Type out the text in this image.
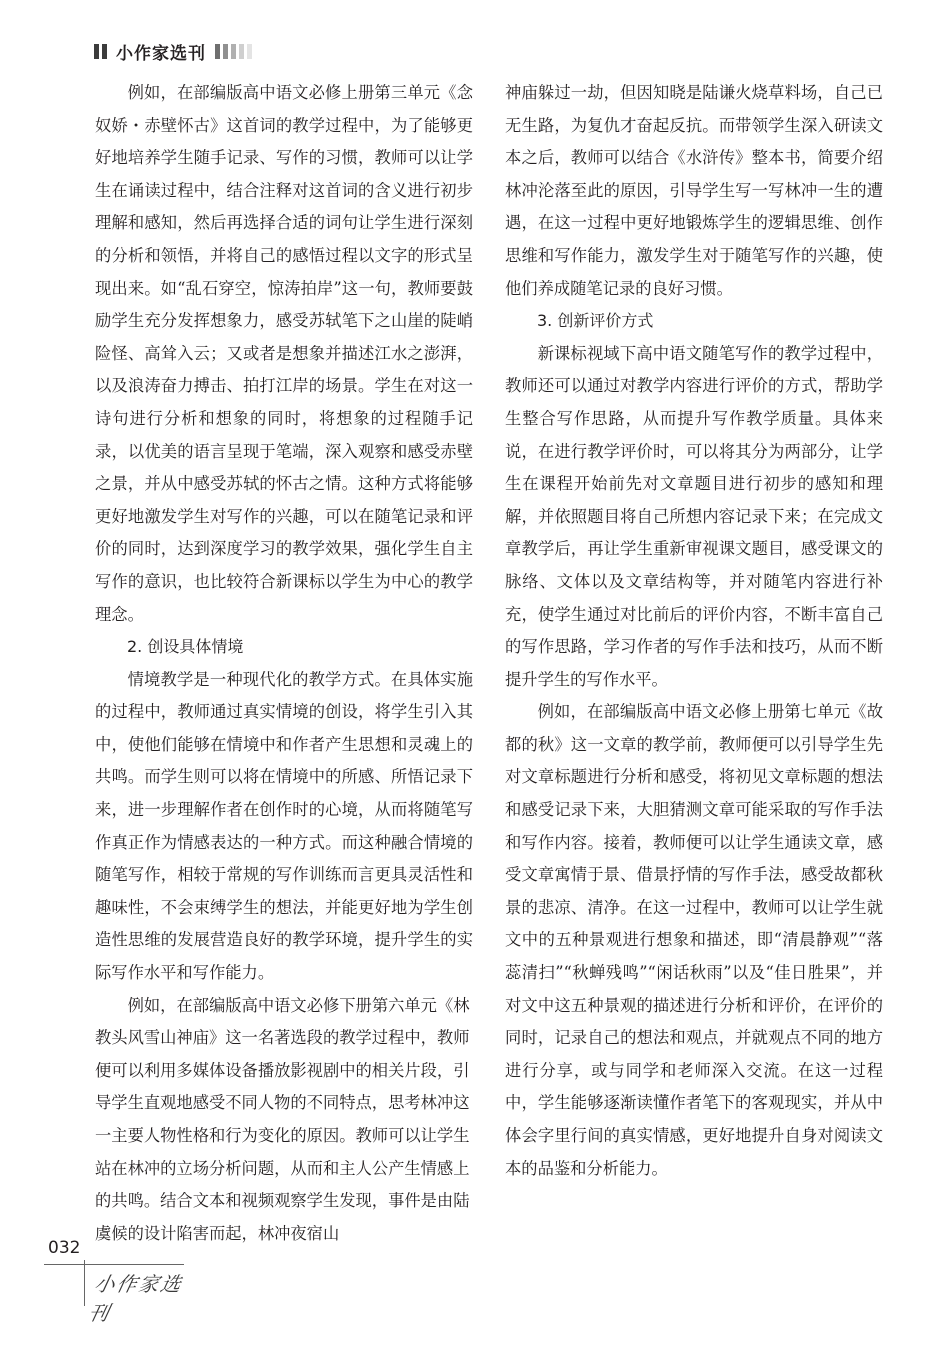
小作家选刊

例如，在部编版高中语文必修上册第三单元《念奴娇・赤壁怀古》这首词的教学过程中，为了能够更好地培养学生随手记录、写作的习惯，教师可以让学生在诵读过程中，结合注释对这首词的含义进行初步理解和感知，然后再选择合适的词句让学生进行深刻的分析和领悟，并将自己的感悟过程以文字的形式呈现出来。如“乱石穿空，惊涛拍岸”这一句，教师要鼓励学生充分发挥想象力，感受苏轼笔下之山崖的陡峭险怪、高耸入云；又或者是想象并描述江水之澎湃，以及浪涛奋力搏击、拍打江岸的场景。学生在对这一诗句进行分析和想象的同时，将想象的过程随手记录，以优美的语言呈现于笔端，深入观察和感受赤壁之景，并从中感受苏轼的怀古之情。这种方式将能够更好地激发学生对写作的兴趣，可以在随笔记录和评价的同时，达到深度学习的教学效果，强化学生自主写作的意识，也比较符合新课标以学生为中心的教学理念。

2. 创设具体情境

情境教学是一种现代化的教学方式。在具体实施的过程中，教师通过真实情境的创设，将学生引入其中，使他们能够在情境中和作者产生思想和灵魂上的共鸣。而学生则可以将在情境中的所感、所悟记录下来，进一步理解作者在创作时的心境，从而将随笔写作真正作为情感表达的一种方式。而这种融合情境的随笔写作，相较于常规的写作训练而言更具灵活性和趣味性，不会束缚学生的想法，并能更好地为学生创造性思维的发展营造良好的教学环境，提升学生的实际写作水平和写作能力。

例如，在部编版高中语文必修下册第六单元《林教头风雪山神庙》这一名著选段的教学过程中，教师便可以利用多媒体设备播放影视剧中的相关片段，引导学生直观地感受不同人物的不同特点，思考林冲这一主要人物性格和行为变化的原因。教师可以让学生站在林冲的立场分析问题，从而和主人公产生情感上的共鸣。结合文本和视频观察学生发现，事件是由陆虞候的设计陷害而起，林冲夜宿山

神庙躲过一劫，但因知晓是陆谦火烧草料场，自己已无生路，为复仇才奋起反抗。而带领学生深入研读文本之后，教师可以结合《水浒传》整本书，简要介绍林冲沦落至此的原因，引导学生写一写林冲一生的遭遇，在这一过程中更好地锻炼学生的逻辑思维、创作思维和写作能力，激发学生对于随笔写作的兴趣，使他们养成随笔记录的良好习惯。

3. 创新评价方式

新课标视域下高中语文随笔写作的教学过程中，教师还可以通过对教学内容进行评价的方式，帮助学生整合写作思路，从而提升写作教学质量。具体来说，在进行教学评价时，可以将其分为两部分，让学生在课程开始前先对文章题目进行初步的感知和理解，并依照题目将自己所想内容记录下来；在完成文章教学后，再让学生重新审视课文题目，感受课文的脉络、文体以及文章结构等，并对随笔内容进行补充，使学生通过对比前后的评价内容，不断丰富自己的写作思路，学习作者的写作手法和技巧，从而不断提升学生的写作水平。

例如，在部编版高中语文必修上册第七单元《故都的秋》这一文章的教学前，教师便可以引导学生先对文章标题进行分析和感受，将初见文章标题的想法和感受记录下来，大胆猜测文章可能采取的写作手法和写作内容。接着，教师便可以让学生通读文章，感受文章寓情于景、借景抒情的写作手法，感受故都秋景的悲凉、清净。在这一过程中，教师可以让学生就文中的五种景观进行想象和描述，即“清晨静观”“落蕊清扫”“秋蝉残鸣”“闲话秋雨”以及“佳日胜果”，并对文中这五种景观的描述进行分析和评价，在评价的同时，记录自己的想法和观点，并就观点不同的地方进行分享，或与同学和老师深入交流。在这一过程中，学生能够逐渐读懂作者笔下的客观现实，并从中体会字里行间的真实情感，更好地提升自身对阅读文本的品鉴和分析能力。

032
小作家选刊
